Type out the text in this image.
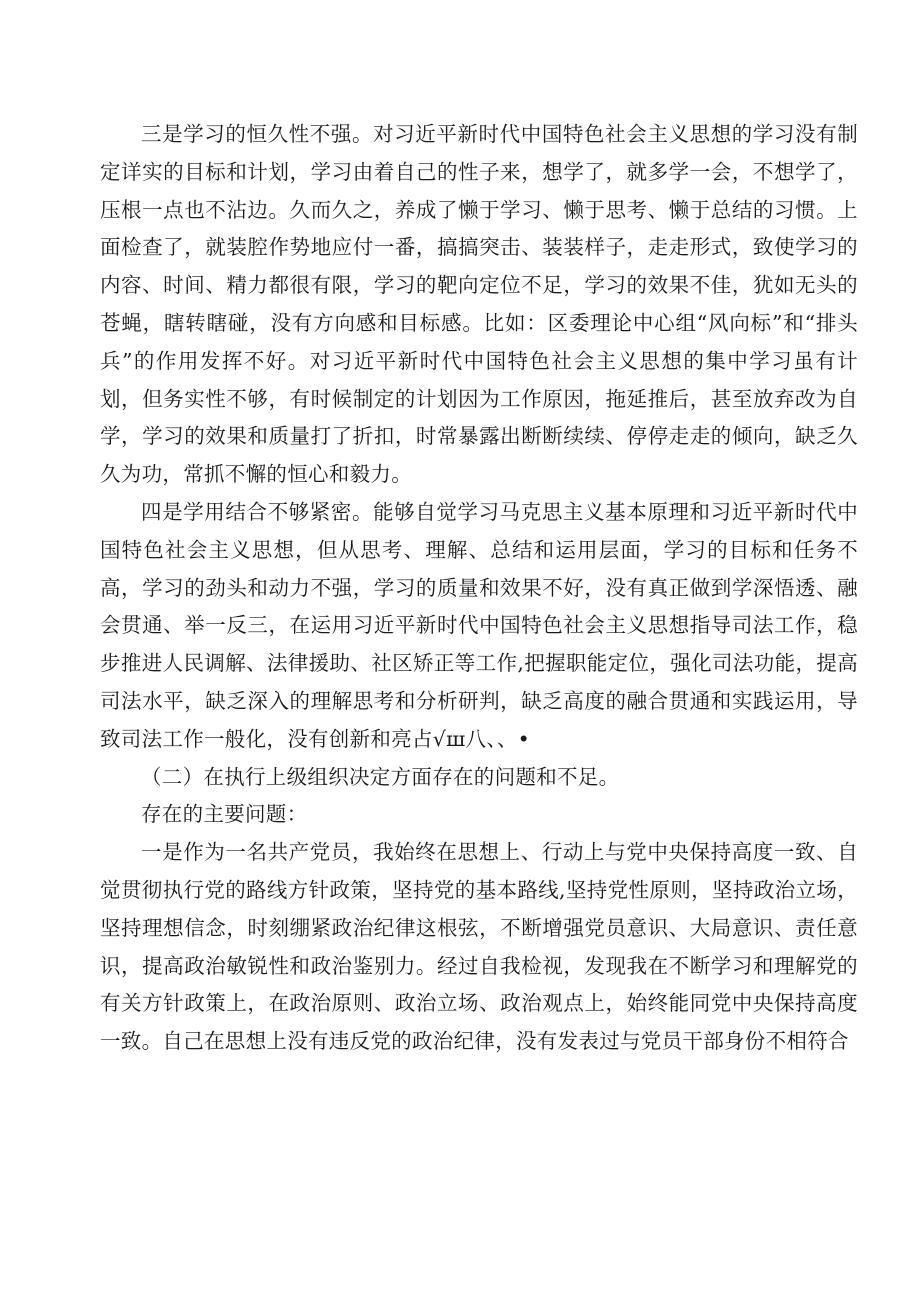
三是学习的恒久性不强。对习近平新时代中国特色社会主义思想的学习没有制定详实的目标和计划，学习由着自己的性子来，想学了，就多学一会，不想学了，压根一点也不沾边。久而久之，养成了懒于学习、懒于思考、懒于总结的习惯。上面检查了，就装腔作势地应付一番，搞搞突击、装装样子，走走形式，致使学习的内容、时间、精力都很有限，学习的靶向定位不足，学习的效果不佳，犹如无头的苍蝇，瞎转瞎碰，没有方向感和目标感。比如：区委理论中心组“风向标”和“排头兵”的作用发挥不好。对习近平新时代中国特色社会主义思想的集中学习虽有计划，但务实性不够，有时候制定的计划因为工作原因，拖延推后，甚至放弃改为自学，学习的效果和质量打了折扣，时常暴露出断断续续、停停走走的倾向，缺乏久久为功，常抓不懈的恒心和毅力。

四是学用结合不够紧密。能够自觉学习马克思主义基本原理和习近平新时代中国特色社会主义思想，但从思考、理解、总结和运用层面，学习的目标和任务不高，学习的劲头和动力不强，学习的质量和效果不好，没有真正做到学深悟透、融会贯通、举一反三，在运用习近平新时代中国特色社会主义思想指导司法工作，稳步推进人民调解、法律援助、社区矫正等工作,把握职能定位，强化司法功能，提高司法水平，缺乏深入的理解思考和分析研判，缺乏高度的融合贯通和实践运用，导致司法工作一般化，没有创新和亮占√ш八、、•

（二）在执行上级组织决定方面存在的问题和不足。

存在的主要问题：

一是作为一名共产党员，我始终在思想上、行动上与党中央保持高度一致、自觉贯彻执行党的路线方针政策，坚持党的基本路线,坚持党性原则，坚持政治立场，坚持理想信念，时刻绷紧政治纪律这根弦，不断增强党员意识、大局意识、责任意识，提高政治敏锐性和政治鉴别力。经过自我检视，发现我在不断学习和理解党的有关方针政策上，在政治原则、政治立场、政治观点上，始终能同党中央保持高度一致。自己在思想上没有违反党的政治纪律，没有发表过与党员干部身份不相符合
